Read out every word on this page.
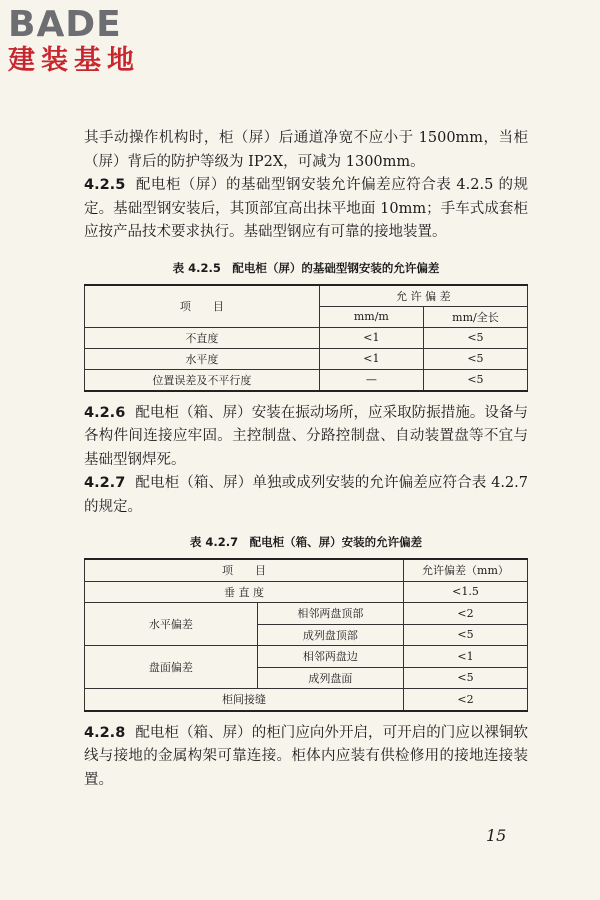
BADE
建装基地

其手动操作机构时，柜（屏）后通道净宽不应小于 1500mm，当柜（屏）背后的防护等级为 IP2X，可减为 1300mm。

4.2.5 配电柜（屏）的基础型钢安装允许偏差应符合表 4.2.5 的规定。基础型钢安装后，其顶部宜高出抹平地面 10mm；手车式成套柜应按产品技术要求执行。基础型钢应有可靠的接地装置。

表 4.2.5　配电柜（屏）的基础型钢安装的允许偏差
项　　目	允 许 偏 差	
	mm/m	mm/全长
不直度	<1	<5
水平度	<1	<5
位置误差及不平行度	—	<5

4.2.6 配电柜（箱、屏）安装在振动场所，应采取防振措施。设备与各构件间连接应牢固。主控制盘、分路控制盘、自动装置盘等不宜与基础型钢焊死。

4.2.7 配电柜（箱、屏）单独或成列安装的允许偏差应符合表 4.2.7 的规定。

表 4.2.7　配电柜（箱、屏）安装的允许偏差
项　　目		允许偏差（mm）
垂 直 度		<1.5
水平偏差	相邻两盘顶部	<2
	成列盘顶部	<5
盘面偏差	相邻两盘边	<1
	成列盘面	<5
柜间接缝		<2

4.2.8 配电柜（箱、屏）的柜门应向外开启，可开启的门应以裸铜软线与接地的金属构架可靠连接。柜体内应装有供检修用的接地连接装置。

15
